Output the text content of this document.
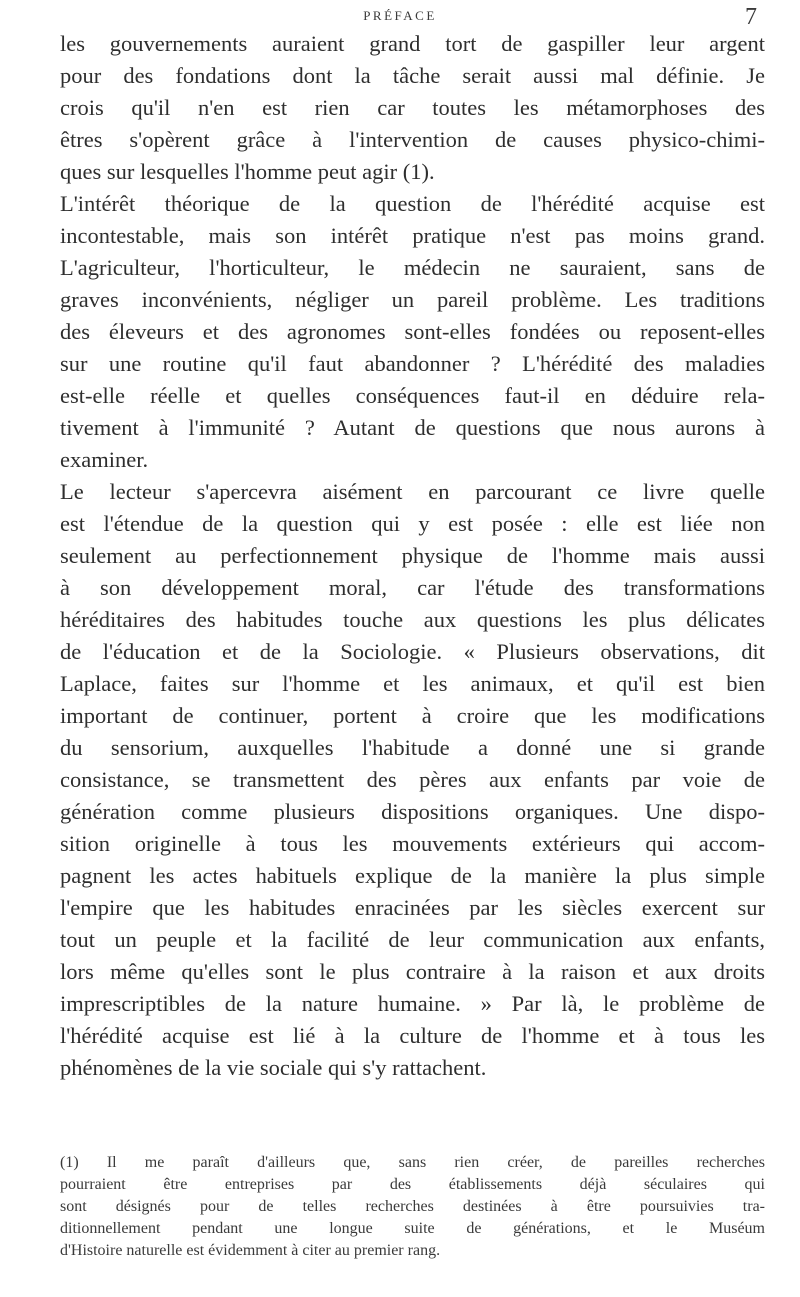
PRÉFACE	7

les gouvernements auraient grand tort de gaspiller leur argent

pour des fondations dont la tâche serait aussi mal définie. Je

crois qu'il n'en est rien car toutes les métamorphoses des

êtres s'opèrent grâce à l'intervention de causes physico-chimi-

ques sur lesquelles l'homme peut agir (1).

L'intérêt théorique de la question de l'hérédité acquise est

incontestable, mais son intérêt pratique n'est pas moins grand.

L'agriculteur, l'horticulteur, le médecin ne sauraient, sans de

graves inconvénients, négliger un pareil problème. Les traditions

des éleveurs et des agronomes sont-elles fondées ou reposent-elles

sur une routine qu'il faut abandonner ? L'hérédité des maladies

est-elle réelle et quelles conséquences faut-il en déduire rela-

tivement à l'immunité ? Autant de questions que nous aurons à

examiner.

Le lecteur s'apercevra aisément en parcourant ce livre quelle

est l'étendue de la question qui y est posée : elle est liée non

seulement au perfectionnement physique de l'homme mais aussi

à son développement moral, car l'étude des transformations

héréditaires des habitudes touche aux questions les plus délicates

de l'éducation et de la Sociologie. « Plusieurs observations, dit

Laplace, faites sur l'homme et les animaux, et qu'il est bien

important de continuer, portent à croire que les modifications

du sensorium, auxquelles l'habitude a donné une si grande

consistance, se transmettent des pères aux enfants par voie de

génération comme plusieurs dispositions organiques. Une dispo-

sition originelle à tous les mouvements extérieurs qui accom-

pagnent les actes habituels explique de la manière la plus simple

l'empire que les habitudes enracinées par les siècles exercent sur

tout un peuple et la facilité de leur communication aux enfants,

lors même qu'elles sont le plus contraire à la raison et aux droits

imprescriptibles de la nature humaine. » Par là, le problème de

l'hérédité acquise est lié à la culture de l'homme et à tous les

phénomènes de la vie sociale qui s'y rattachent.

(1) Il me paraît d'ailleurs que, sans rien créer, de pareilles recherches

pourraient être entreprises par des établissements déjà séculaires qui

sont désignés pour de telles recherches destinées à être poursuivies tra-

ditionnellement pendant une longue suite de générations, et le Muséum

d'Histoire naturelle est évidemment à citer au premier rang.
